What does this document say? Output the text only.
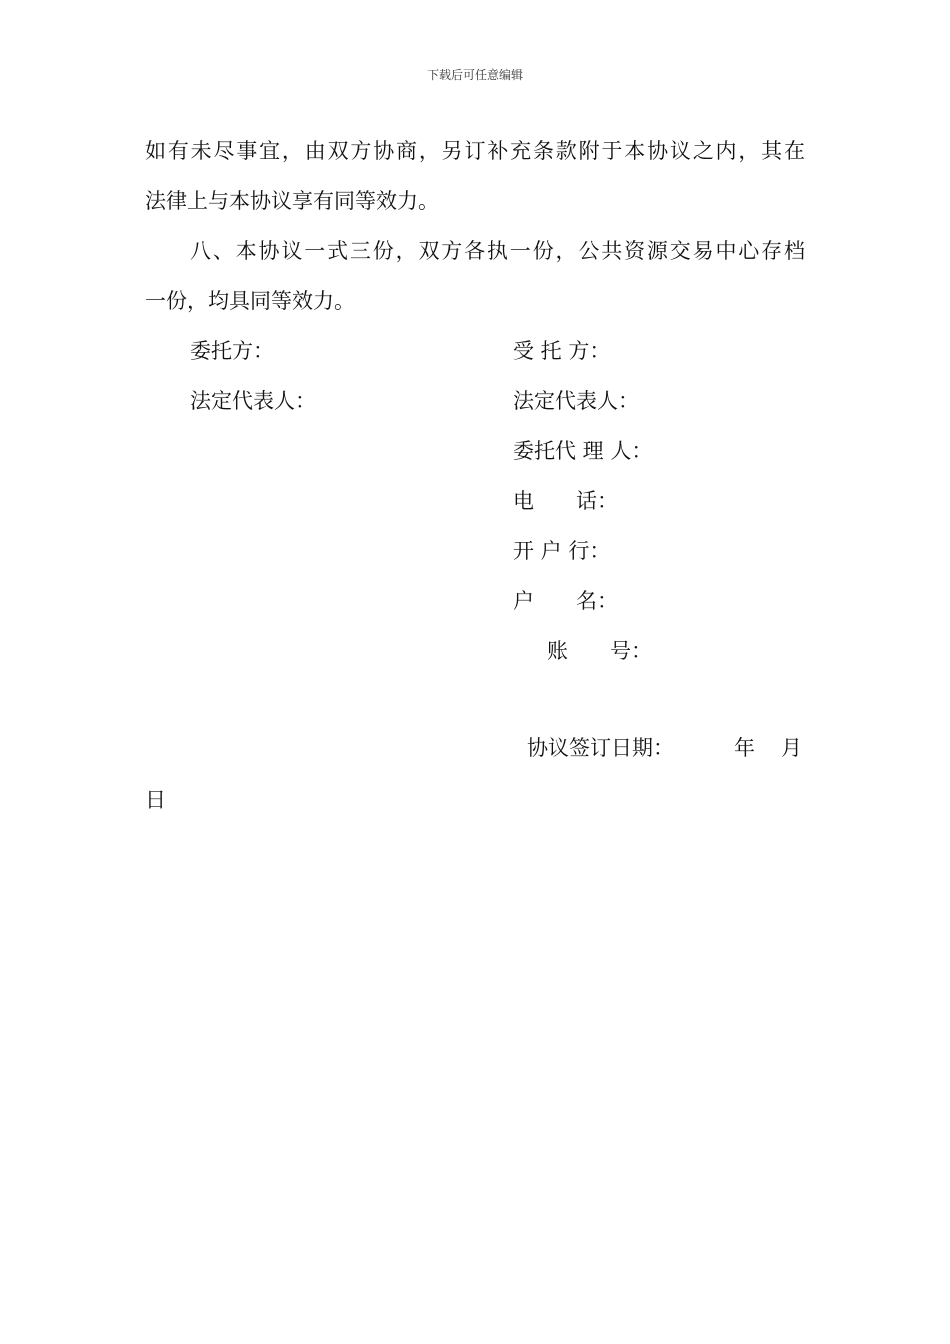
下载后可任意编辑
如有未尽事宜，由双方协商，另订补充条款附于本协议之内，其在
法律上与本协议享有同等效力。
八、本协议一式三份，双方各执一份，公共资源交易中心存档
一份，均具同等效力。
委托方：
法定代表人：
受 托 方：
法定代表人：
委托代 理 人：
电　　话：
开 户 行：
户　　名：
账　　号：
协议签订日期：	年 月
日
